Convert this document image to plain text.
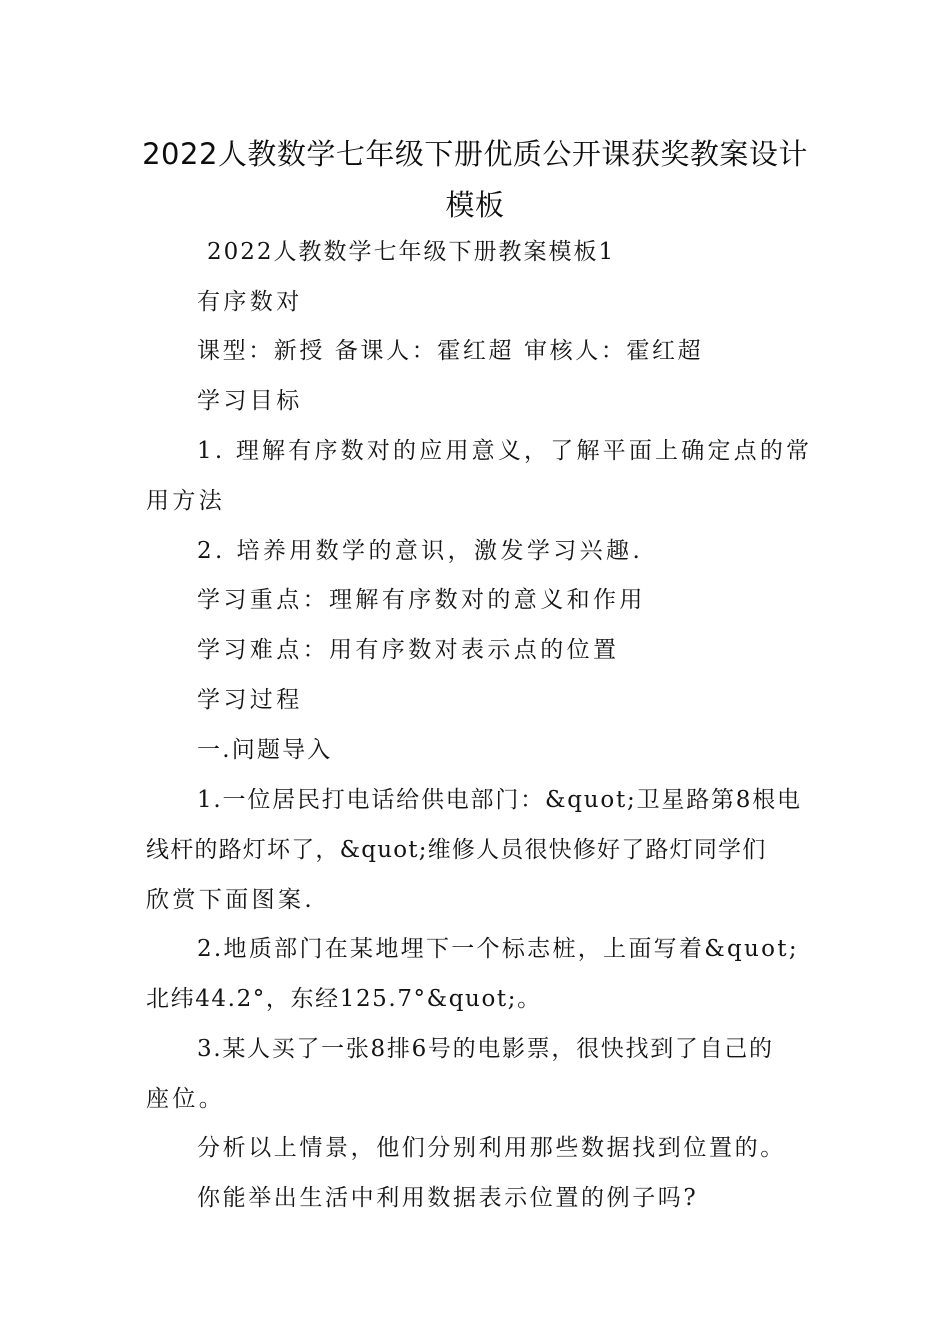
2022人教数学七年级下册优质公开课获奖教案设计
模板
2022人教数学七年级下册教案模板1
有序数对
课型：新授 备课人：霍红超 审核人：霍红超
学习目标
1. 理解有序数对的应用意义，了解平面上确定点的常
用方法
2. 培养用数学的意识，激发学习兴趣.
学习重点：理解有序数对的意义和作用
学习难点：用有序数对表示点的位置
学习过程
一.问题导入
1.一位居民打电话给供电部门：&quot;卫星路第8根电
线杆的路灯坏了，&quot;维修人员很快修好了路灯同学们
欣赏下面图案.
2.地质部门在某地埋下一个标志桩，上面写着&quot;
北纬44.2°，东经125.7°&quot;。
3.某人买了一张8排6号的电影票，很快找到了自己的
座位。
分析以上情景，他们分别利用那些数据找到位置的。
你能举出生活中利用数据表示位置的例子吗?
